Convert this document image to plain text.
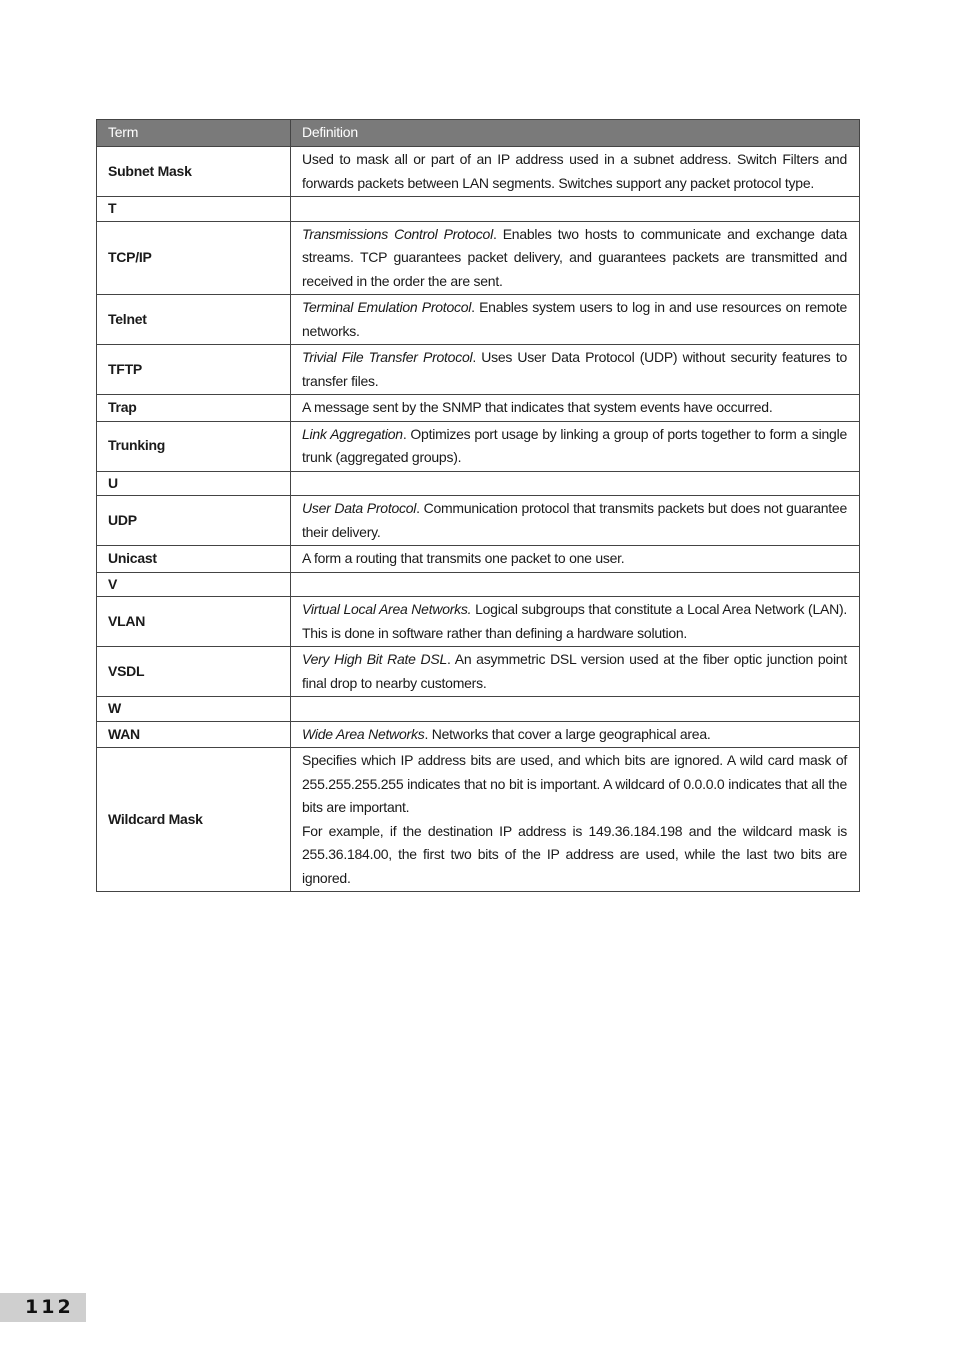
Term	Definition
Subnet Mask	Used to mask all or part of an IP address used in a subnet address. Switch Filters and forwards packets between LAN segments. Switches support any packet protocol type.

T	

TCP/IP	Transmissions Control Protocol. Enables two hosts to communicate and exchange data streams. TCP guarantees packet delivery, and guarantees packets are transmitted and received in the order the are sent.

Telnet	Terminal Emulation Protocol. Enables system users to log in and use resources on remote networks.

TFTP	Trivial File Transfer Protocol. Uses User Data Protocol (UDP) without security features to transfer files.

Trap	A message sent by the SNMP that indicates that system events have occurred.

Trunking	Link Aggregation. Optimizes port usage by linking a group of ports together to form a single trunk (aggregated groups).

U	

UDP	User Data Protocol. Communication protocol that transmits packets but does not guarantee their delivery.

Unicast	A form a routing that transmits one packet to one user.

V	

VLAN	Virtual Local Area Networks. Logical subgroups that constitute a Local Area Network (LAN). This is done in software rather than defining a hardware solution.

VSDL	Very High Bit Rate DSL. An asymmetric DSL version used at the fiber optic junction point final drop to nearby customers.

W	

WAN	Wide Area Networks. Networks that cover a large geographical area.

Wildcard Mask	Specifies which IP address bits are used, and which bits are ignored. A wild card mask of 255.255.255.255 indicates that no bit is important. A wildcard of 0.0.0.0 indicates that all the bits are important.
For example, if the destination IP address is 149.36.184.198 and the wildcard mask is 255.36.184.00, the first two bits of the IP address are used, while the last two bits are ignored.
112
